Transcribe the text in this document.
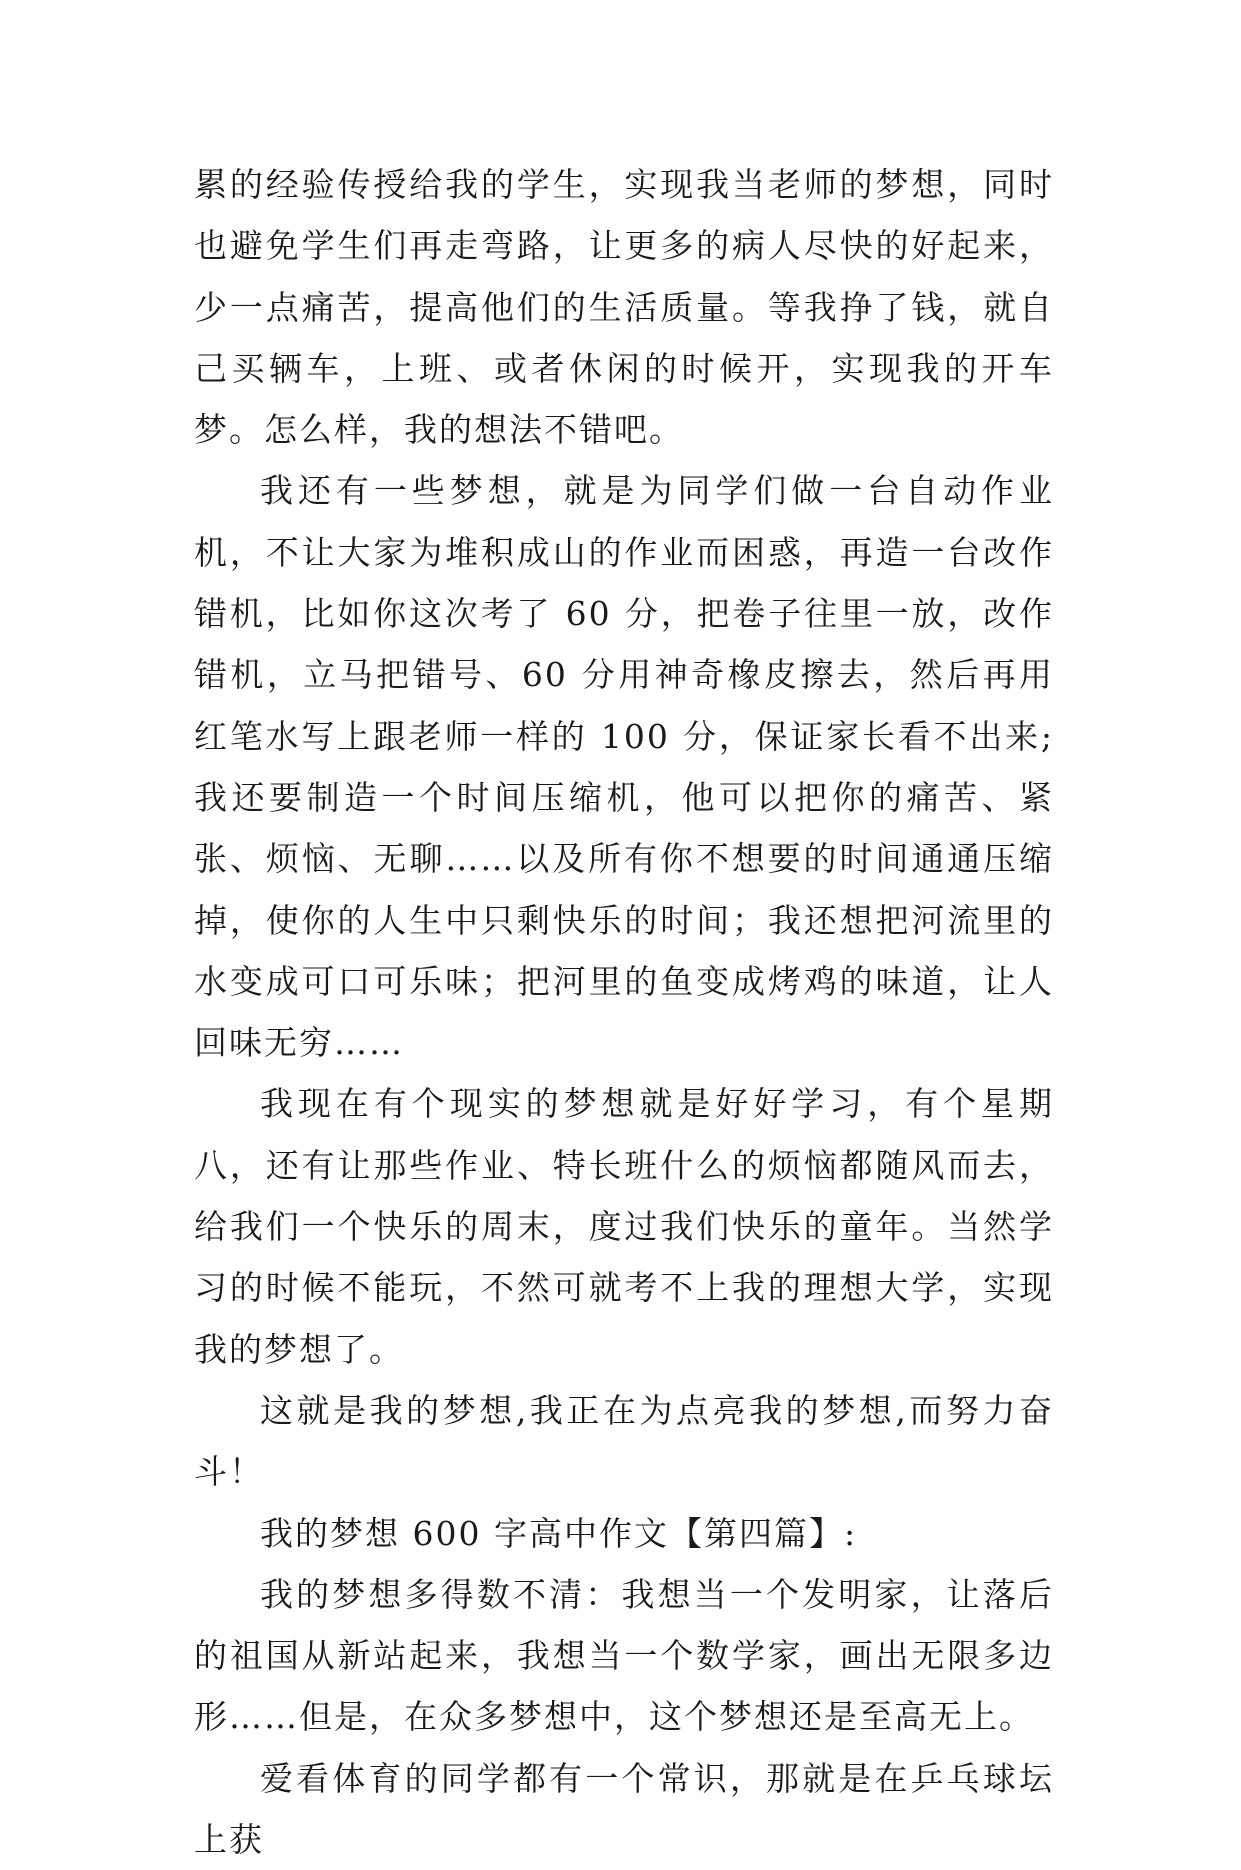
累的经验传授给我的学生，实现我当老师的梦想，同时也避免学生们再走弯路，让更多的病人尽快的好起来，少一点痛苦，提高他们的生活质量。等我挣了钱，就自己买辆车，上班、或者休闲的时候开，实现我的开车梦。怎么样，我的想法不错吧。

我还有一些梦想，就是为同学们做一台自动作业机，不让大家为堆积成山的作业而困惑，再造一台改作错机，比如你这次考了 60 分，把卷子往里一放，改作错机，立马把错号、60 分用神奇橡皮擦去，然后再用红笔水写上跟老师一样的 100 分，保证家长看不出来;我还要制造一个时间压缩机，他可以把你的痛苦、紧张、烦恼、无聊……以及所有你不想要的时间通通压缩掉，使你的人生中只剩快乐的时间；我还想把河流里的水变成可口可乐味；把河里的鱼变成烤鸡的味道，让人回味无穷……

我现在有个现实的梦想就是好好学习，有个星期八，还有让那些作业、特长班什么的烦恼都随风而去，给我们一个快乐的周末，度过我们快乐的童年。当然学习的时候不能玩，不然可就考不上我的理想大学，实现我的梦想了。

这就是我的梦想,我正在为点亮我的梦想,而努力奋斗！

我的梦想 600 字高中作文【第四篇】:

我的梦想多得数不清：我想当一个发明家，让落后的祖国从新站起来，我想当一个数学家，画出无限多边形……但是，在众多梦想中，这个梦想还是至高无上。

爱看体育的同学都有一个常识，那就是在乒乓球坛上获
